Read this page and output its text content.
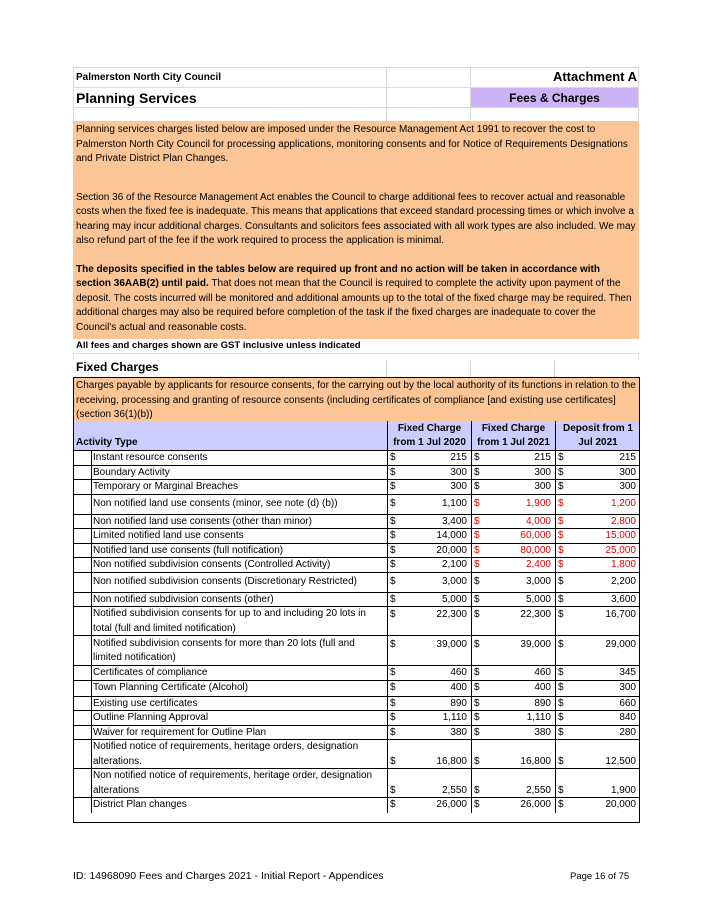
Palmerston North City Council	Attachment A
Planning Services	Fees & Charges
Planning services charges listed below are imposed under the Resource Management Act 1991 to recover the cost to Palmerston North City Council for processing applications, monitoring consents and for Notice of Requirements Designations and Private District Plan Changes.
Section 36 of the Resource Management Act enables the Council to charge additional fees to recover actual and reasonable costs when the fixed fee is inadequate. This means that applications that exceed standard processing times or which involve a hearing may incur additional charges. Consultants and solicitors fees associated with all work types are also included. We may also refund part of the fee if the work required to process the application is minimal.
The deposits specified in the tables below are required up front and no action will be taken in accordance with section 36AAB(2) until paid. That does not mean that the Council is required to complete the activity upon payment of the deposit. The costs incurred will be monitored and additional amounts up to the total of the fixed charge may be required. Then additional charges may also be required before completion of the task if the fixed charges are inadequate to cover the Council's actual and reasonable costs.
All fees and charges shown are GST inclusive unless indicated
Fixed Charges
Charges payable by applicants for resource consents, for the carrying out by the local authority of its functions in relation to the receiving, processing and granting of resource consents (including certificates of compliance [and existing use certificates] (section 36(1)(b))
Activity Type
Fixed Charge
from 1 Jul 2020
Fixed Charge
from 1 Jul 2021
Deposit from 1
Jul 2021
Instant resource consents	$	215 $	215 $	215
Boundary Activity	$	300 $	300 $	300
Temporary or Marginal Breaches	$	300 $	300 $	300
Non notified land use consents (minor, see note (d) (b))	$	1,100 $	1,900 $	1,200
Non notified land use consents (other than minor)	$	3,400 $	4,000 $	2,800
Limited notified land use consents	$	14,000 $	60,000 $	15,000
Notified land use consents (full notification)	$	20,000 $	80,000 $	25,000
Non notified subdivision consents (Controlled Activity)	$	2,100 $	2,400 $	1,800
Non notified subdivision consents (Discretionary Restricted)	$	3,000 $	3,000 $	2,200
Non notified subdivision consents (other)	$	5,000 $	5,000 $	3,600
Notified subdivision consents for up to and including 20 lots in
total (full and limited notification)
$	22,300 $	22,300 $	16,700
Notified subdivision consents for more than 20 lots (full and
limited notification)
$	39,000 $	39,000 $	29,000
Certificates of compliance	$	460 $	460 $	345
Town Planning Certificate (Alcohol)	$	400 $	400 $	300
Existing use certificates	$	890 $	890 $	660
Outline Planning Approval	$	1,110 $	1,110 $	840
Waiver for requirement for Outline Plan	$	380 $	380 $	280
Notified notice of requirements, heritage orders, designation
alterations.	$	16,800 $	16,800 $	12,500
Non notified notice of requirements, heritage order, designation
alterations	$	2,550 $	2,550 $	1,900
District Plan changes	$	26,000 $	26,000 $	20,000
ID: 14968090 Fees and Charges 2021 - Initial Report - Appendices	Page 16 of 75
